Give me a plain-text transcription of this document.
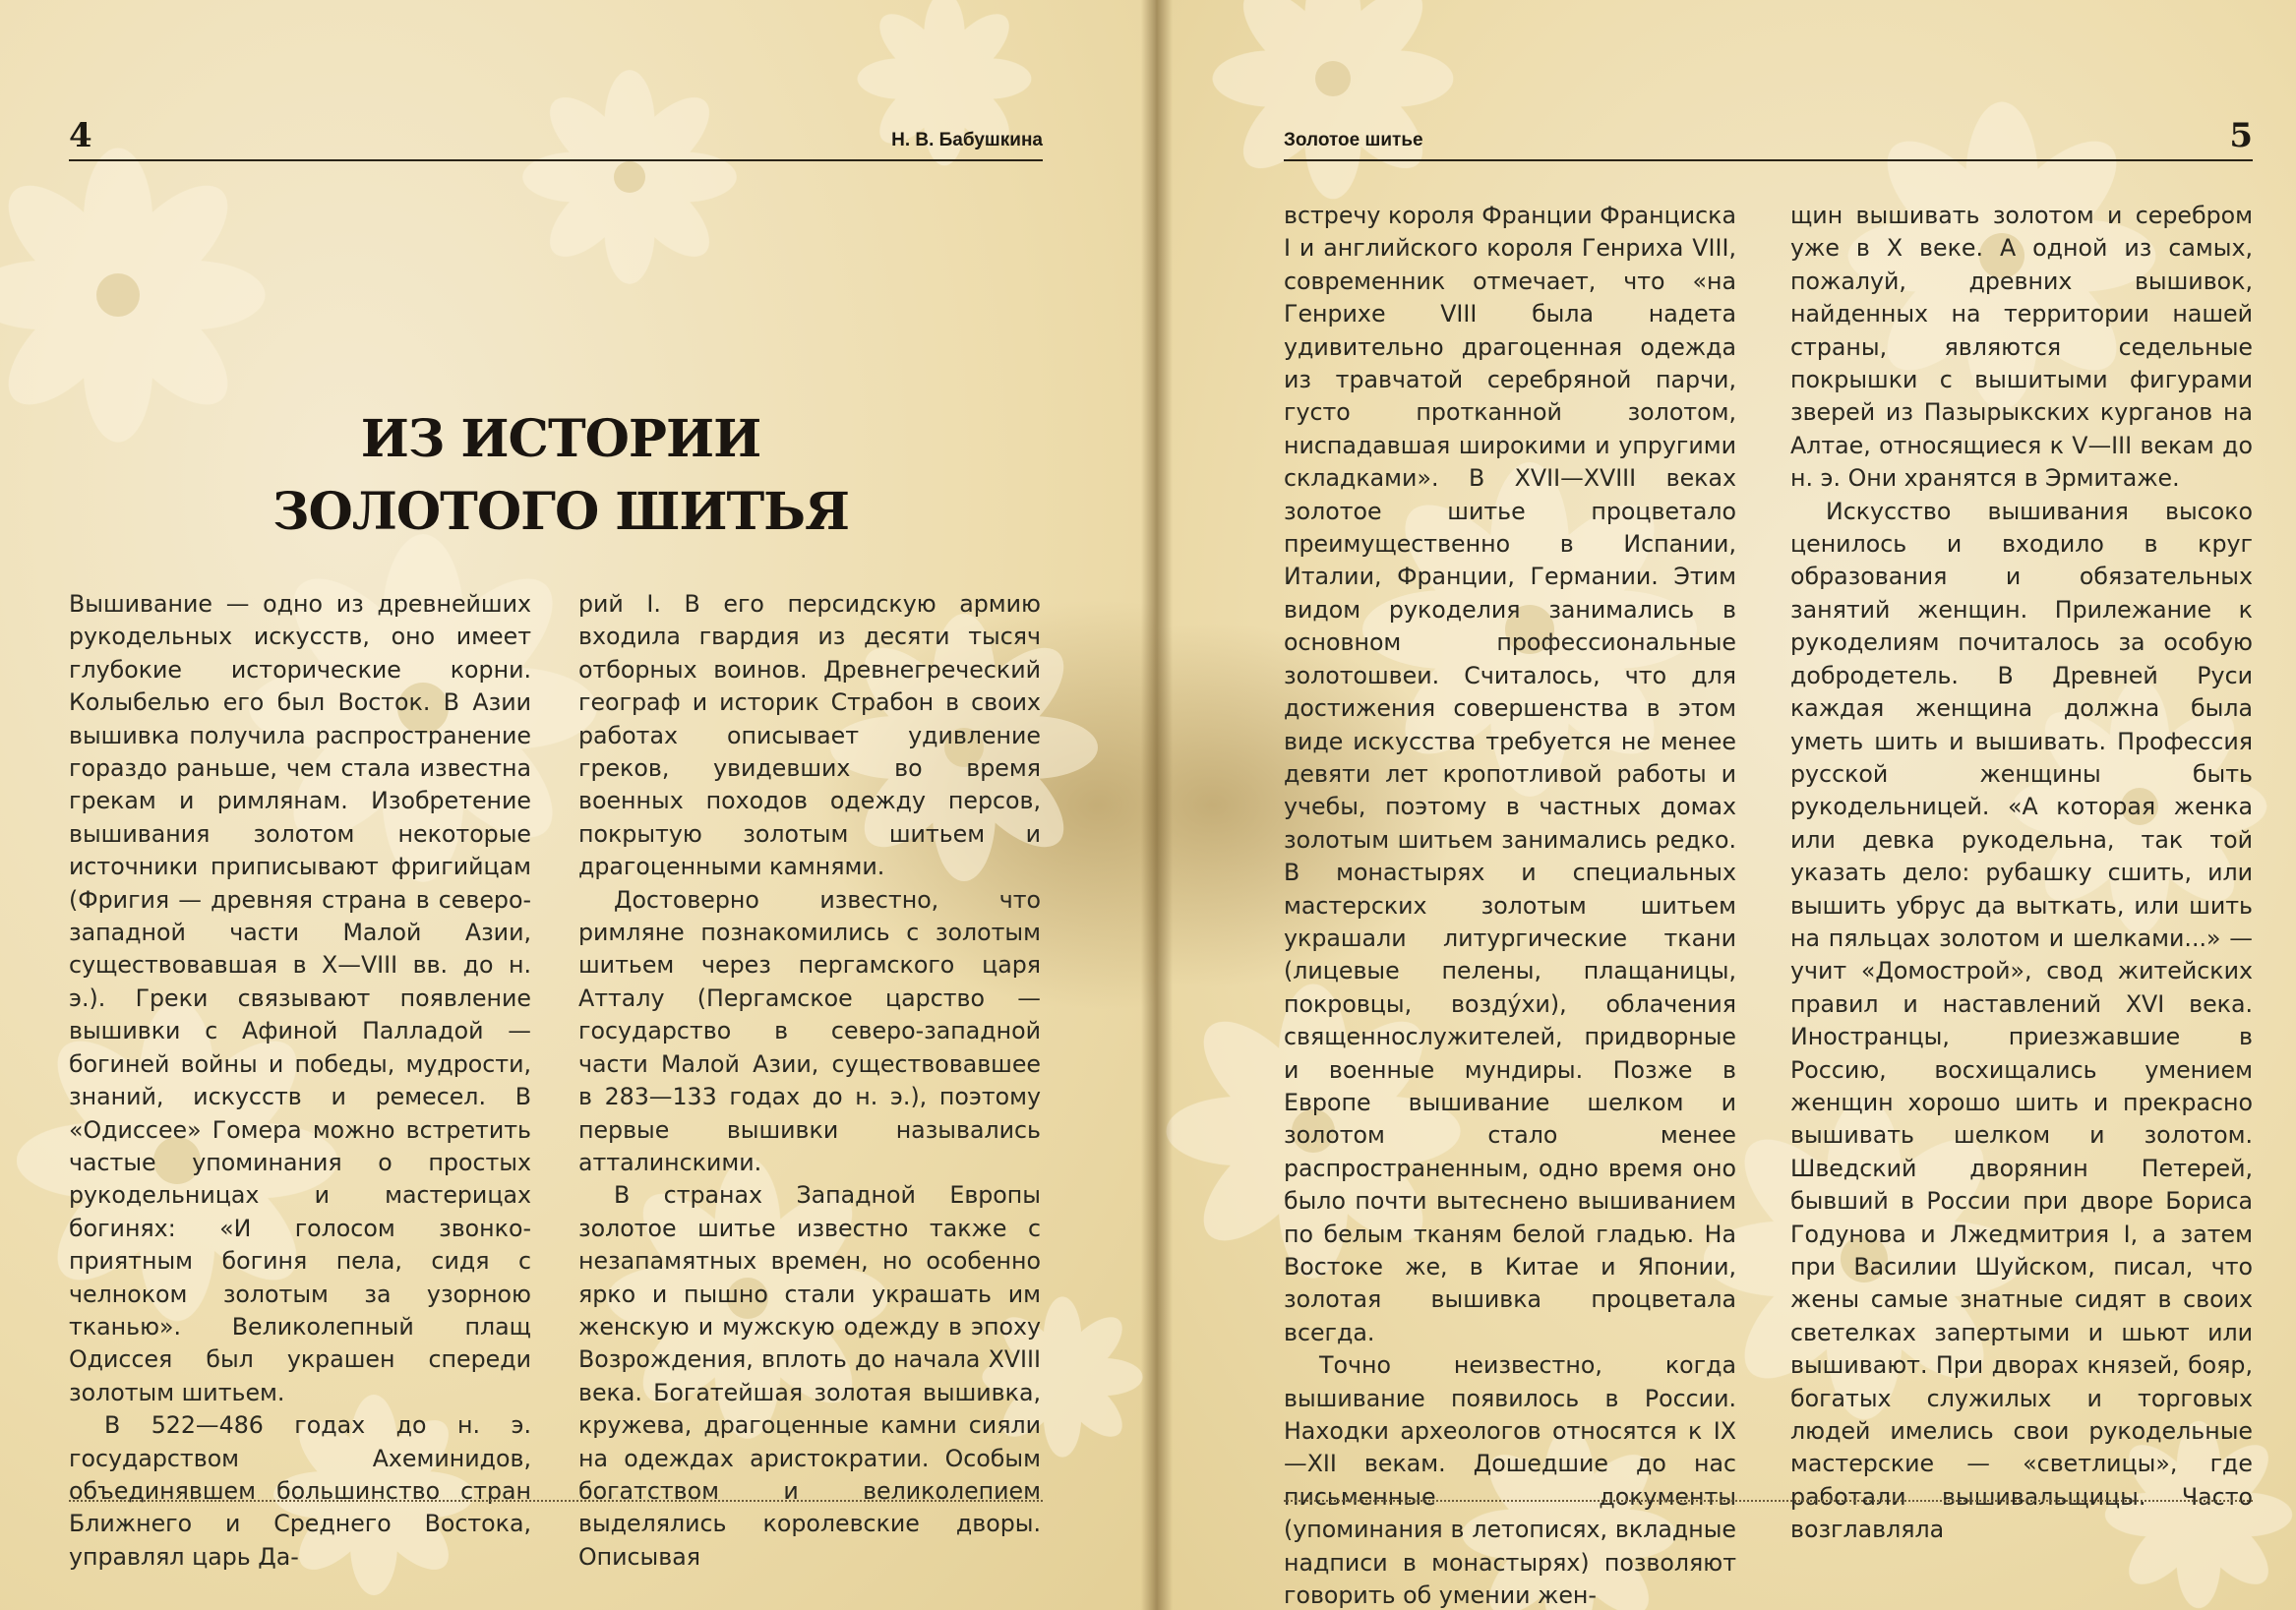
4	Н. В. Бабушкина
ИЗ ИСТОРИИ
ЗОЛОТОГО ШИТЬЯ

Вышивание — одно из древнейших рукодельных искусств, оно имеет глубокие исторические корни. Колыбелью его был Восток. В Азии вышивка получила распространение гораздо раньше, чем стала известна грекам и римлянам. Изобретение вышивания золотом некоторые источники приписывают фригийцам (Фригия — древняя страна в северо-западной части Малой Азии, существовавшая в X—VIII вв. до н. э.). Греки связывают появление вышивки с Афиной Палладой — богиней войны и победы, мудрости, знаний, искусств и ремесел. В «Одиссее» Гомера можно встретить частые упоминания о простых рукодельницах и мастерицах богинях: «И голосом звонко-приятным богиня пела, сидя с челноком золотым за узорною тканью». Великолепный плащ Одиссея был украшен спереди золотым шитьем.

В 522—486 годах до н. э. государством Ахеминидов, объединявшем большинство стран Ближнего и Среднего Востока, управлял царь Да-

рий I. В его персидскую армию входила гвардия из десяти тысяч отборных воинов. Древнегреческий географ и историк Страбон в своих работах описывает удивление греков, увидевших во время военных походов одежду персов, покрытую золотым шитьем и драгоценными камнями.

Достоверно известно, что римляне познакомились с золотым шитьем через пергамского царя Атталу (Пергамское царство — государство в северо-западной части Малой Азии, существовавшее в 283—133 годах до н. э.), поэтому первые вышивки назывались атталинскими.

В странах Западной Европы золотое шитье известно также с незапамятных времен, но особенно ярко и пышно стали украшать им женскую и мужскую одежду в эпоху Возрождения, вплоть до начала XVIII века. Богатейшая золотая вышивка, кружева, драгоценные камни сияли на одеждах аристократии. Особым богатством и великолепием выделялись королевские дворы. Описывая

Золотое шитье	5

встречу короля Франции Франциска I и английского короля Генриха VIII, современник отмечает, что «на Генрихе VIII была надета удивительно драгоценная одежда из травчатой серебряной парчи, густо протканной золотом, ниспадавшая широкими и упругими складками». В XVII—XVIII веках золотое шитье процветало преимущественно в Испании, Италии, Франции, Германии. Этим видом рукоделия занимались в основном профессиональные золотошвеи. Считалось, что для достижения совершенства в этом виде искусства требуется не менее девяти лет кропотливой работы и учебы, поэтому в частных домах золотым шитьем занимались редко. В монастырях и специальных мастерских золотым шитьем украшали литургические ткани (лицевые пелены, плащаницы, покровцы, воздýхи), облачения священнослужителей, придворные и военные мундиры. Позже в Европе вышивание шелком и золотом стало менее распространенным, одно время оно было почти вытеснено вышиванием по белым тканям белой гладью. На Востоке же, в Китае и Японии, золотая вышивка процветала всегда.

Точно неизвестно, когда вышивание появилось в России. Находки археологов относятся к IX—XII векам. Дошедшие до нас письменные документы (упоминания в летописях, вкладные надписи в монастырях) позволяют говорить об умении жен-

щин вышивать золотом и серебром уже в X веке. А одной из самых, пожалуй, древних вышивок, найденных на территории нашей страны, являются седельные покрышки с вышитыми фигурами зверей из Пазырыкских курганов на Алтае, относящиеся к V—III векам до н. э. Они хранятся в Эрмитаже.

Искусство вышивания высоко ценилось и входило в круг образования и обязательных занятий женщин. Прилежание к рукоделиям почиталось за особую добродетель. В Древней Руси каждая женщина должна была уметь шить и вышивать. Профессия русской женщины быть рукодельницей. «А которая женка или девка рукодельна, так той указать дело: рубашку сшить, или вышить убрус да выткать, или шить на пяльцах золотом и шелками...» — учит «Домострой», свод житейских правил и наставлений XVI века. Иностранцы, приезжавшие в Россию, восхищались умением женщин хорошо шить и прекрасно вышивать шелком и золотом. Шведский дворянин Петерей, бывший в России при дворе Бориса Годунова и Лжедмитрия I, а затем при Василии Шуйском, писал, что жены самые знатные сидят в своих светелках запертыми и шьют или вышивают. При дворах князей, бояр, богатых служилых и торговых людей имелись свои рукодельные мастерские — «светлицы», где работали вышивальщицы. Часто возглавляла
